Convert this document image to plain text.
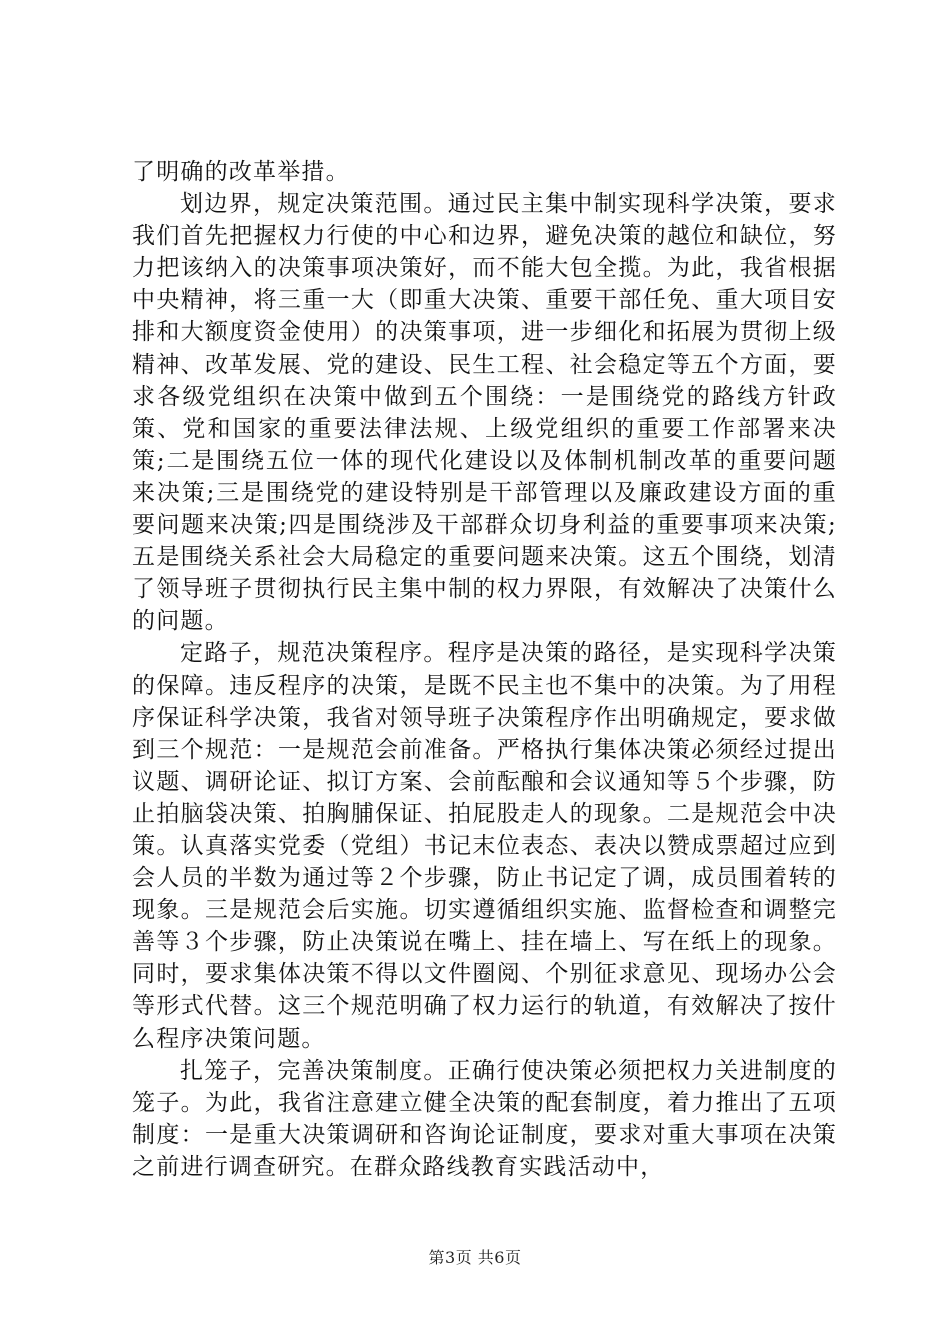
了明确的改革举措。

划边界，规定决策范围。通过民主集中制实现科学决策，要求我们首先把握权力行使的中心和边界，避免决策的越位和缺位，努力把该纳入的决策事项决策好，而不能大包全揽。为此，我省根据中央精神，将三重一大（即重大决策、重要干部任免、重大项目安排和大额度资金使用）的决策事项，进一步细化和拓展为贯彻上级精神、改革发展、党的建设、民生工程、社会稳定等五个方面，要求各级党组织在决策中做到五个围绕：一是围绕党的路线方针政策、党和国家的重要法律法规、上级党组织的重要工作部署来决策;二是围绕五位一体的现代化建设以及体制机制改革的重要问题来决策;三是围绕党的建设特别是干部管理以及廉政建设方面的重要问题来决策;四是围绕涉及干部群众切身利益的重要事项来决策;五是围绕关系社会大局稳定的重要问题来决策。这五个围绕，划清了领导班子贯彻执行民主集中制的权力界限，有效解决了决策什么的问题。

定路子，规范决策程序。程序是决策的路径，是实现科学决策的保障。违反程序的决策，是既不民主也不集中的决策。为了用程序保证科学决策，我省对领导班子决策程序作出明确规定，要求做到三个规范：一是规范会前准备。严格执行集体决策必须经过提出议题、调研论证、拟订方案、会前酝酿和会议通知等５个步骤，防止拍脑袋决策、拍胸脯保证、拍屁股走人的现象。二是规范会中决策。认真落实党委（党组）书记末位表态、表决以赞成票超过应到会人员的半数为通过等２个步骤，防止书记定了调，成员围着转的现象。三是规范会后实施。切实遵循组织实施、监督检查和调整完善等３个步骤，防止决策说在嘴上、挂在墙上、写在纸上的现象。同时，要求集体决策不得以文件圈阅、个别征求意见、现场办公会等形式代替。这三个规范明确了权力运行的轨道，有效解决了按什么程序决策问题。

扎笼子，完善决策制度。正确行使决策必须把权力关进制度的笼子。为此，我省注意建立健全决策的配套制度，着力推出了五项制度：一是重大决策调研和咨询论证制度，要求对重大事项在决策之前进行调查研究。在群众路线教育实践活动中，

第3页 共6页
